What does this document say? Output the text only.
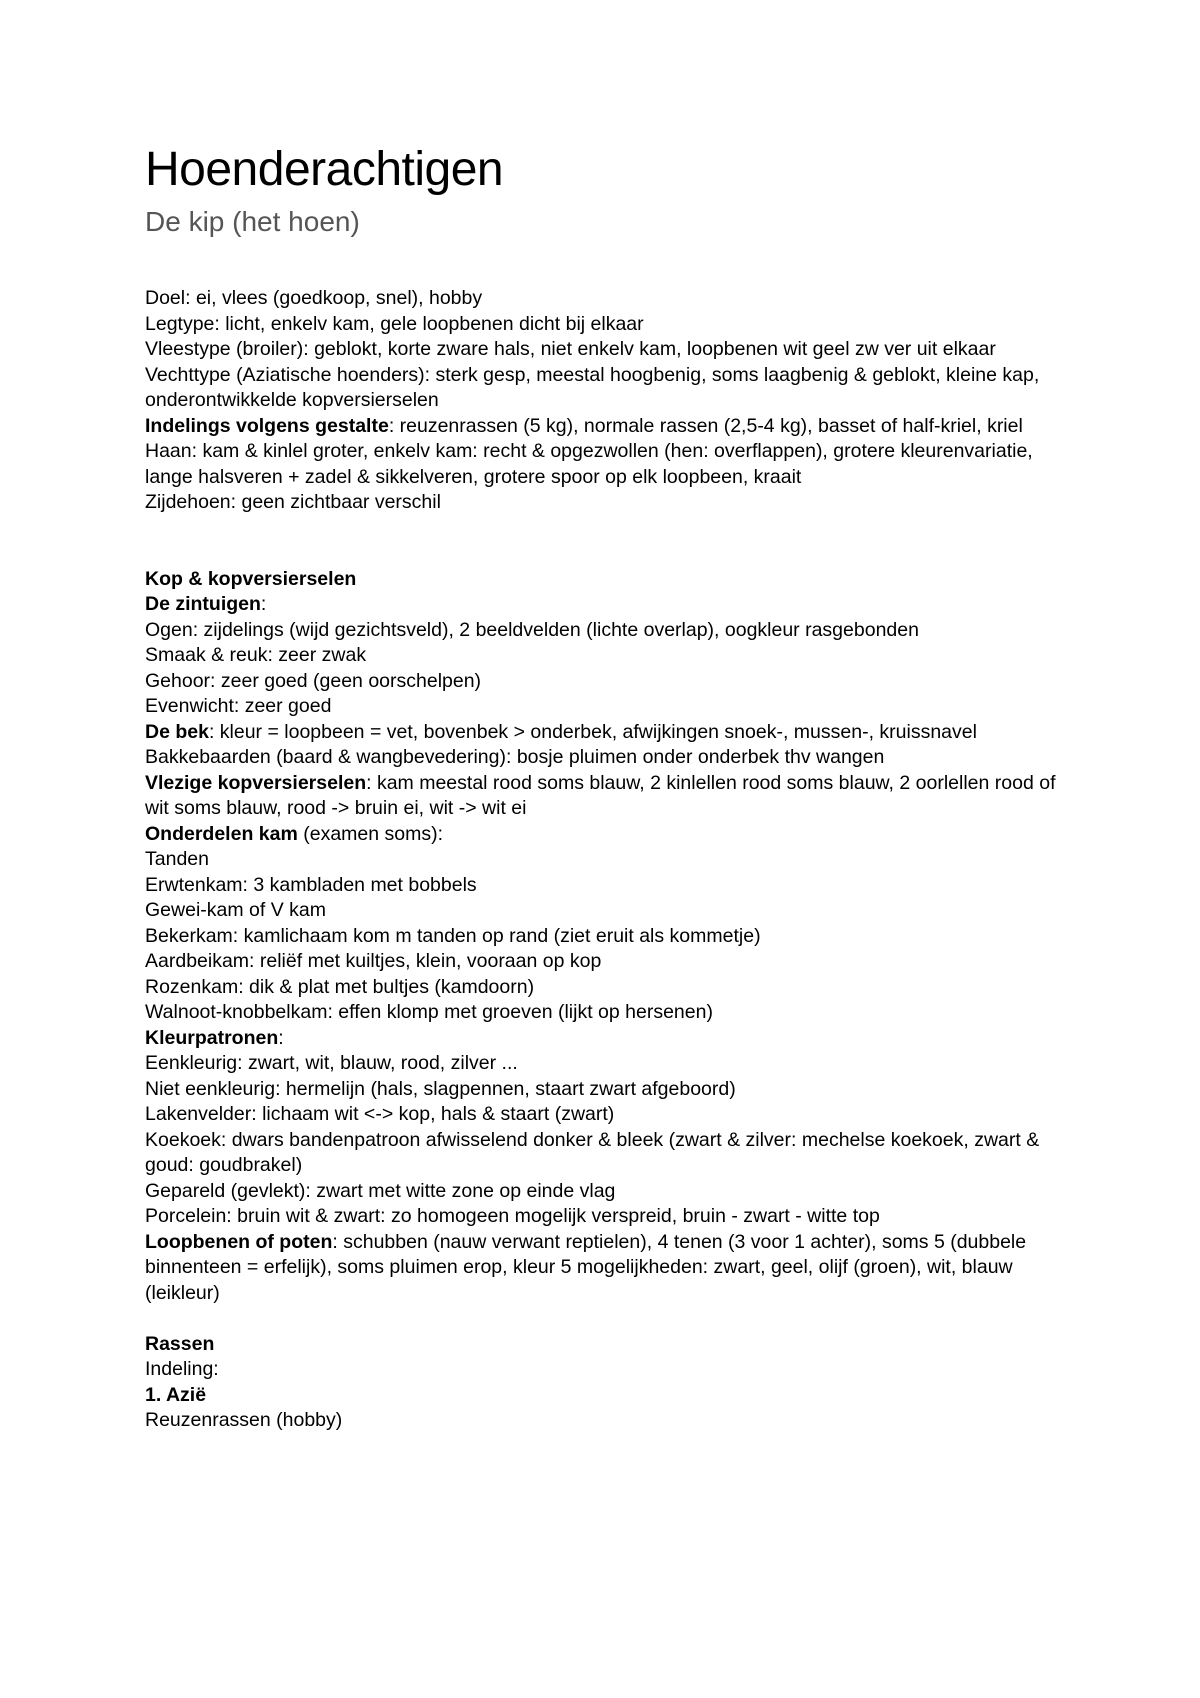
Hoenderachtigen
De kip (het hoen)

Doel: ei, vlees (goedkoop, snel), hobby

Legtype: licht, enkelv kam, gele loopbenen dicht bij elkaar

Vleestype (broiler): geblokt, korte zware hals, niet enkelv kam, loopbenen wit geel zw ver uit elkaar

Vechttype (Aziatische hoenders): sterk gesp, meestal hoogbenig, soms laagbenig & geblokt, kleine kap, onderontwikkelde kopversierselen

Indelings volgens gestalte: reuzenrassen (5 kg), normale rassen (2,5-4 kg), basset of half-kriel, kriel

Haan: kam & kinlel groter, enkelv kam: recht & opgezwollen (hen: overflappen), grotere kleurenvariatie, lange halsveren + zadel & sikkelveren, grotere spoor op elk loopbeen, kraait

Zijdehoen: geen zichtbaar verschil

Kop & kopversierselen

De zintuigen:

Ogen: zijdelings (wijd gezichtsveld), 2 beeldvelden (lichte overlap), oogkleur rasgebonden

Smaak & reuk: zeer zwak

Gehoor: zeer goed (geen oorschelpen)

Evenwicht: zeer goed

De bek: kleur = loopbeen = vet, bovenbek > onderbek, afwijkingen snoek-, mussen-, kruissnavel

Bakkebaarden (baard & wangbevedering): bosje pluimen onder onderbek thv wangen

Vlezige kopversierselen: kam meestal rood soms blauw, 2 kinlellen rood soms blauw, 2 oorlellen rood of wit soms blauw, rood -> bruin ei, wit -> wit ei

Onderdelen kam (examen soms):

Tanden

Erwtenkam: 3 kambladen met bobbels

Gewei-kam of V kam

Bekerkam: kamlichaam kom m tanden op rand (ziet eruit als kommetje)

Aardbeikam: reliëf met kuiltjes, klein, vooraan op kop

Rozenkam: dik & plat met bultjes (kamdoorn)

Walnoot-knobbelkam: effen klomp met groeven (lijkt op hersenen)

Kleurpatronen:

Eenkleurig: zwart, wit, blauw, rood, zilver ...

Niet eenkleurig: hermelijn (hals, slagpennen, staart zwart afgeboord)

Lakenvelder: lichaam wit <-> kop, hals & staart (zwart)

Koekoek: dwars bandenpatroon afwisselend donker & bleek (zwart & zilver: mechelse koekoek, zwart & goud: goudbrakel)

Gepareld (gevlekt): zwart met witte zone op einde vlag

Porcelein: bruin wit & zwart: zo homogeen mogelijk verspreid, bruin - zwart - witte top

Loopbenen of poten: schubben (nauw verwant reptielen), 4 tenen (3 voor 1 achter), soms 5 (dubbele binnenteen = erfelijk), soms pluimen erop, kleur 5 mogelijkheden: zwart, geel, olijf (groen), wit, blauw (leikleur)

Rassen

Indeling:

1. Azië

Reuzenrassen (hobby)
